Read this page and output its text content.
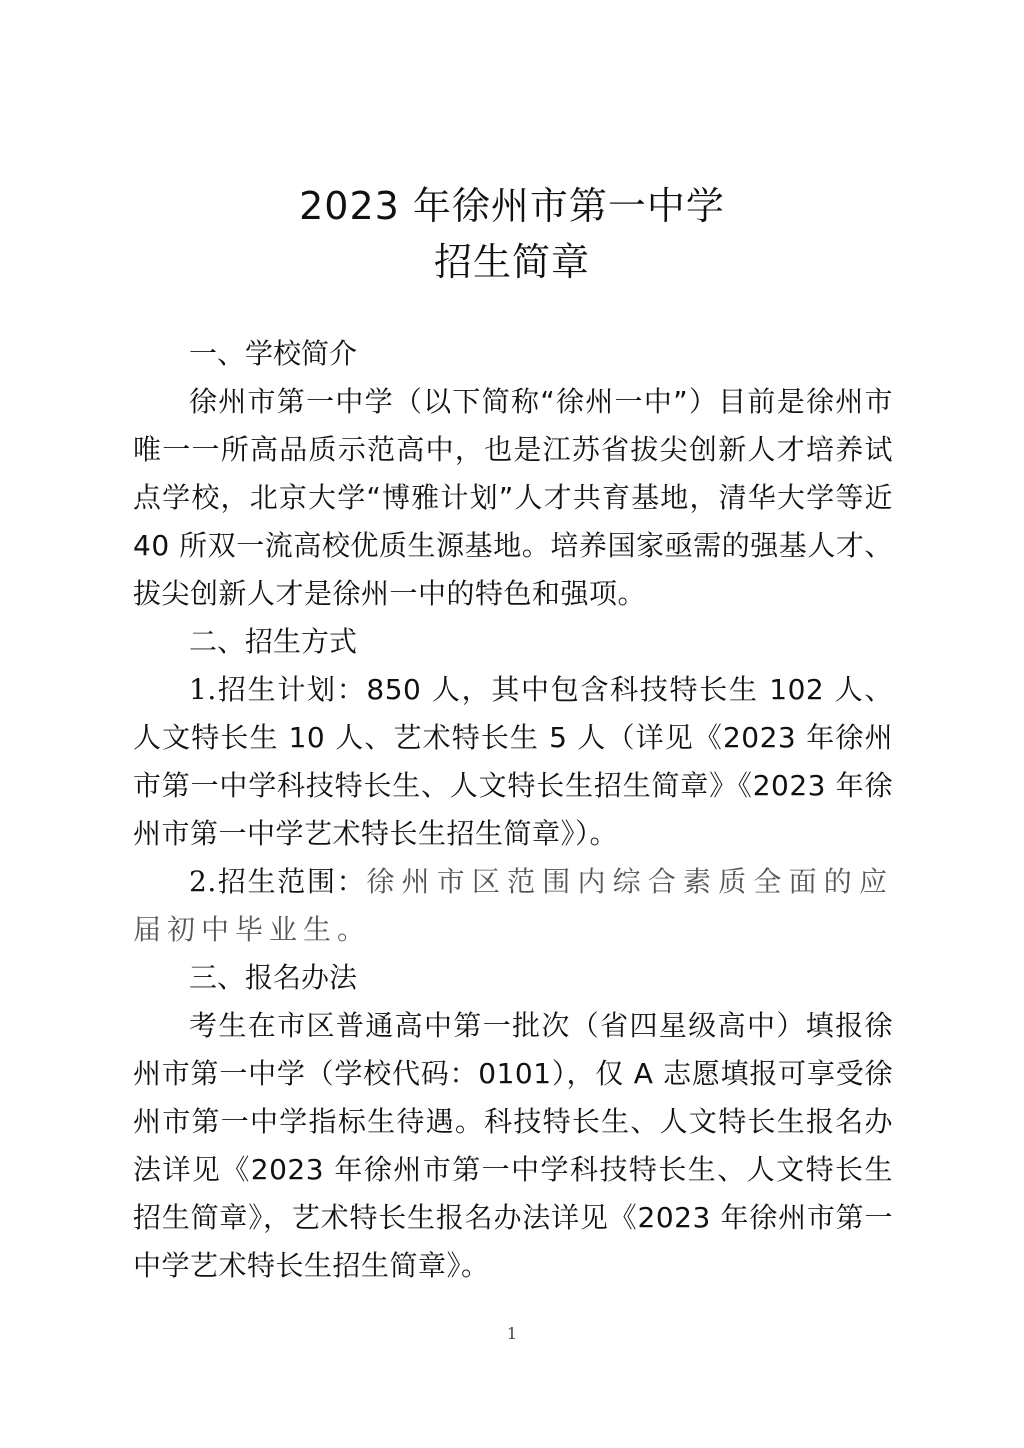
2023 年徐州市第一中学
招生简章

一、学校简介

徐州市第一中学（以下简称“徐州一中”）目前是徐州市唯一一所高品质示范高中，也是江苏省拔尖创新人才培养试点学校，北京大学“博雅计划”人才共育基地，清华大学等近 40 所双一流高校优质生源基地。培养国家亟需的强基人才、拔尖创新人才是徐州一中的特色和强项。

二、招生方式

1.招生计划：850 人，其中包含科技特长生 102 人、人文特长生 10 人、艺术特长生 5 人（详见《2023 年徐州市第一中学科技特长生、人文特长生招生简章》《2023 年徐州市第一中学艺术特长生招生简章》）。

2.招生范围：徐州市区范围内综合素质全面的应届初中毕业生。

三、报名办法

考生在市区普通高中第一批次（省四星级高中）填报徐州市第一中学（学校代码：0101），仅 A 志愿填报可享受徐州市第一中学指标生待遇。科技特长生、人文特长生报名办法详见《2023 年徐州市第一中学科技特长生、人文特长生招生简章》，艺术特长生报名办法详见《2023 年徐州市第一中学艺术特长生招生简章》。

1
